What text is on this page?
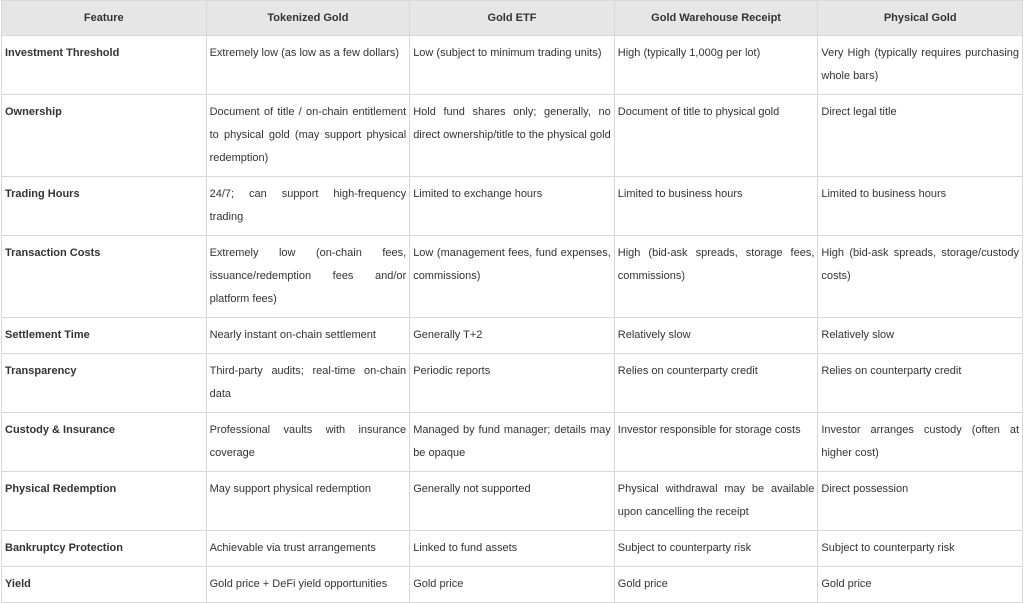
Feature	Tokenized Gold	Gold ETF	Gold Warehouse Receipt	Physical Gold
Investment Threshold	Extremely low (as low as a few dollars)	Low (subject to minimum trading units)	High (typically 1,000g per lot)	Very High (typically requires purchasing whole bars)
Ownership	Document of title / on-chain entitlement to physical gold (may support physical redemption)	Hold fund shares only; generally, no direct ownership/title to the physical gold	Document of title to physical gold	Direct legal title
Trading Hours	24/7; can support high-frequency trading	Limited to exchange hours	Limited to business hours	Limited to business hours
Transaction Costs	Extremely low (on-chain fees, issuance/redemption fees and/or platform fees)	Low (management fees, fund expenses, commissions)	High (bid-ask spreads, storage fees, commissions)	High (bid-ask spreads, storage/custody costs)
Settlement Time	Nearly instant on-chain settlement	Generally T+2	Relatively slow	Relatively slow
Transparency	Third-party audits; real-time on-chain data	Periodic reports	Relies on counterparty credit	Relies on counterparty credit
Custody & Insurance	Professional vaults with insurance coverage	Managed by fund manager; details may be opaque	Investor responsible for storage costs	Investor arranges custody (often at higher cost)
Physical Redemption	May support physical redemption	Generally not supported	Physical withdrawal may be available upon cancelling the receipt	Direct possession
Bankruptcy Protection	Achievable via trust arrangements	Linked to fund assets	Subject to counterparty risk	Subject to counterparty risk
Yield	Gold price + DeFi yield opportunities	Gold price	Gold price	Gold price
